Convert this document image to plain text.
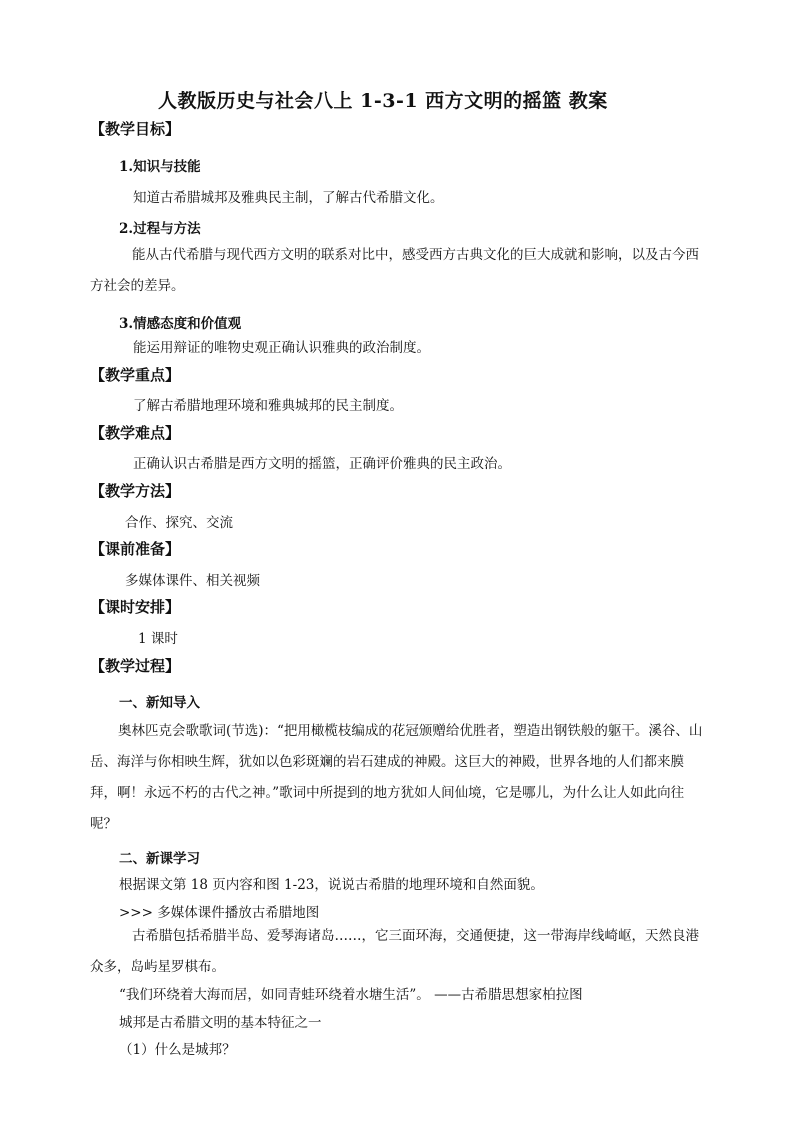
人教版历史与社会八上 1-3-1 西方文明的摇篮 教案
【教学目标】
1.知识与技能
知道古希腊城邦及雅典民主制，了解古代希腊文化。
2.过程与方法
能从古代希腊与现代西方文明的联系对比中，感受西方古典文化的巨大成就和影响，以及古今西方社会的差异。
3.情感态度和价值观
能运用辩证的唯物史观正确认识雅典的政治制度。
【教学重点】
了解古希腊地理环境和雅典城邦的民主制度。
【教学难点】
正确认识古希腊是西方文明的摇篮，正确评价雅典的民主政治。
【教学方法】
合作、探究、交流
【课前准备】
多媒体课件、相关视频
【课时安排】
1 课时
【教学过程】
一、新知导入
奥林匹克会歌歌词(节选)：“把用橄榄枝编成的花冠颁赠给优胜者，塑造出钢铁般的躯干。溪谷、山岳、海洋与你相映生辉，犹如以色彩斑斓的岩石建成的神殿。这巨大的神殿，世界各地的人们都来膜拜，啊！永远不朽的古代之神。”歌词中所提到的地方犹如人间仙境，它是哪儿，为什么让人如此向往呢？
二、新课学习
根据课文第 18 页内容和图 1-23，说说古希腊的地理环境和自然面貌。
>>> 多媒体课件播放古希腊地图
古希腊包括希腊半岛、爱琴海诸岛……，它三面环海，交通便捷，这一带海岸线崎岖，天然良港众多，岛屿星罗棋布。
“我们环绕着大海而居，如同青蛙环绕着水塘生活”。 ——古希腊思想家柏拉图
城邦是古希腊文明的基本特征之一
（1）什么是城邦？
